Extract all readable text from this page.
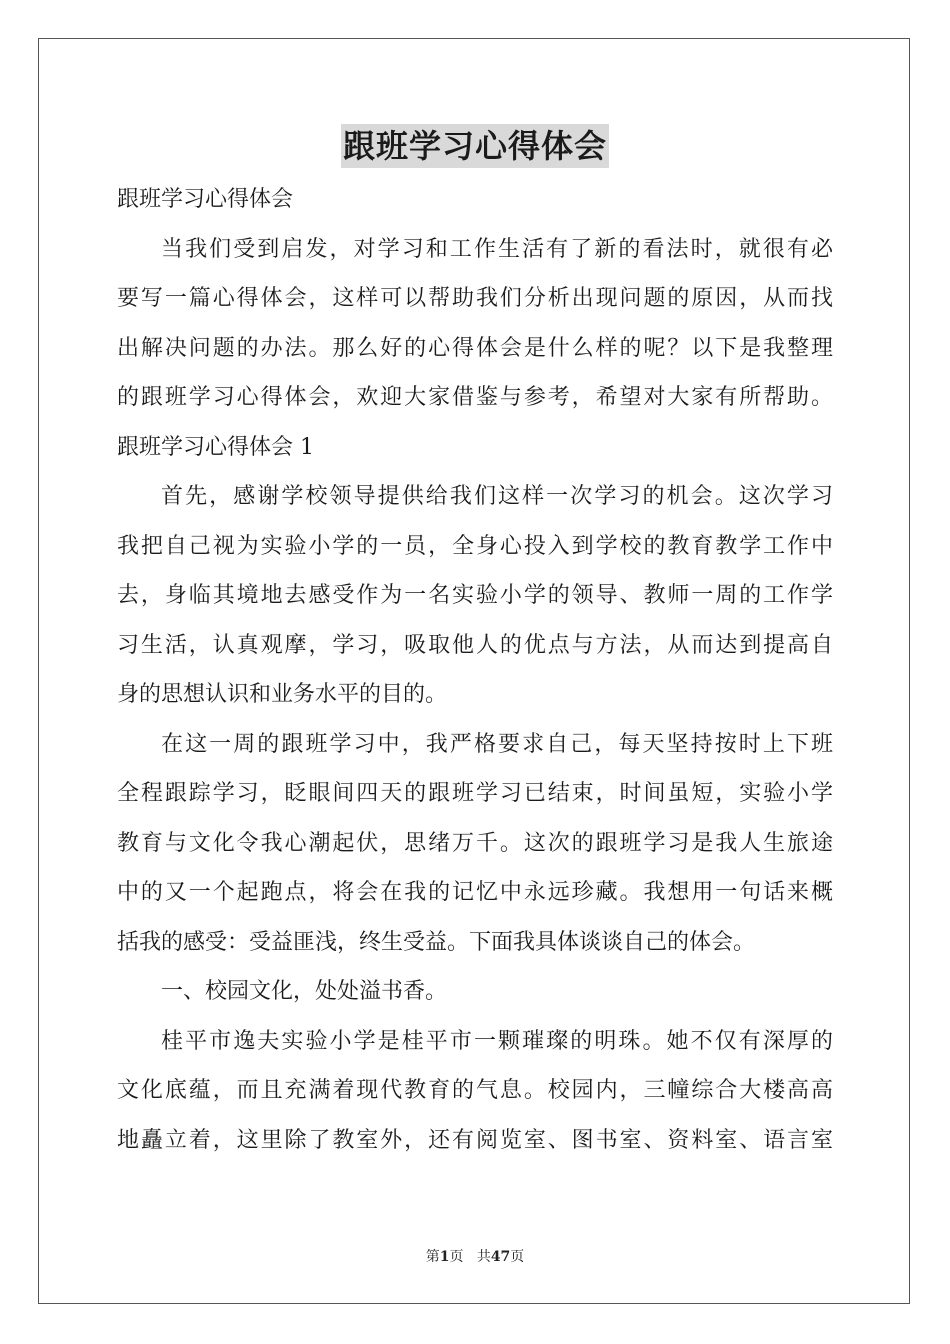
跟班学习心得体会
跟班学习心得体会
当我们受到启发，对学习和工作生活有了新的看法时，就很有必
要写一篇心得体会，这样可以帮助我们分析出现问题的原因，从而找
出解决问题的办法。那么好的心得体会是什么样的呢？以下是我整理
的跟班学习心得体会，欢迎大家借鉴与参考，希望对大家有所帮助。
跟班学习心得体会 1
首先，感谢学校领导提供给我们这样一次学习的机会。这次学习
我把自己视为实验小学的一员，全身心投入到学校的教育教学工作中
去，身临其境地去感受作为一名实验小学的领导、教师一周的工作学
习生活，认真观摩，学习，吸取他人的优点与方法，从而达到提高自
身的思想认识和业务水平的目的。
在这一周的跟班学习中，我严格要求自己，每天坚持按时上下班
全程跟踪学习，眨眼间四天的跟班学习已结束，时间虽短，实验小学
教育与文化令我心潮起伏，思绪万千。这次的跟班学习是我人生旅途
中的又一个起跑点，将会在我的记忆中永远珍藏。我想用一句话来概
括我的感受：受益匪浅，终生受益。下面我具体谈谈自己的体会。
一、校园文化，处处溢书香。
桂平市逸夫实验小学是桂平市一颗璀璨的明珠。她不仅有深厚的
文化底蕴，而且充满着现代教育的气息。校园内，三幢综合大楼高高
地矗立着，这里除了教室外，还有阅览室、图书室、资料室、语言室
第1页 共47页
